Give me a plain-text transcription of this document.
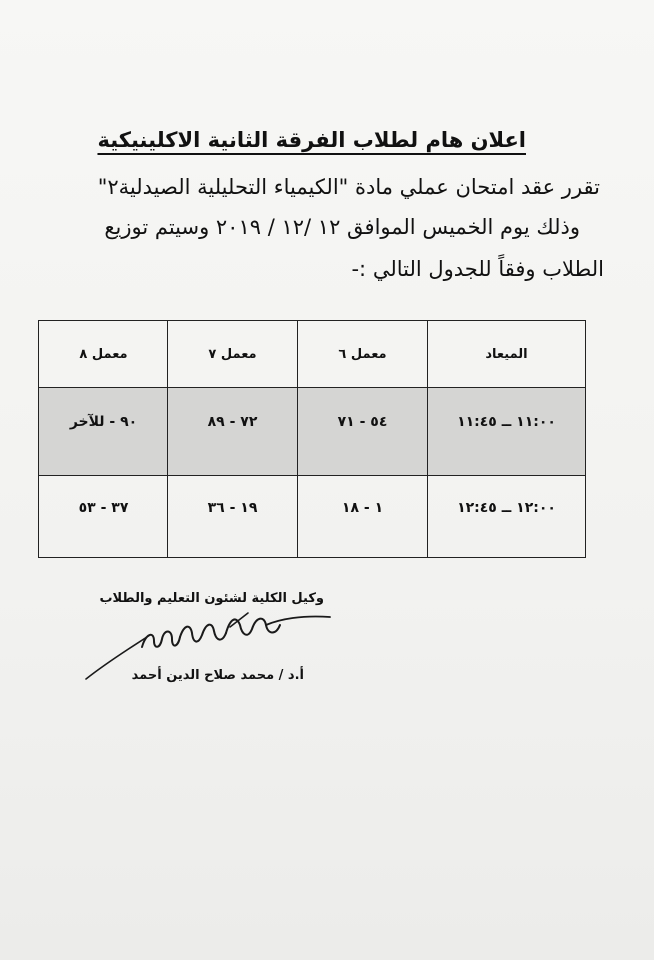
اعلان هام لطلاب الفرقة الثانية الاكلينيكية
تقرر عقد امتحان عملي مادة "الكيمياء التحليلية الصيدلية٢"
وذلك يوم الخميس الموافق ١٢ /١٢ / ٢٠١٩ وسيتم توزيع
الطلاب وفقاً للجدول التالي :-
الميعاد
معمل ٦
معمل ٧
معمل ٨
١١:٠٠ ــ ١١:٤٥
٥٤ - ٧١
٧٢ - ٨٩
٩٠ - للآخر
١٢:٠٠ ــ ١٢:٤٥
١ - ١٨
١٩ - ٣٦
٣٧ - ٥٣
وكيل الكلية لشئون التعليم والطلاب
أ.د / محمد صلاح الدين أحمد
